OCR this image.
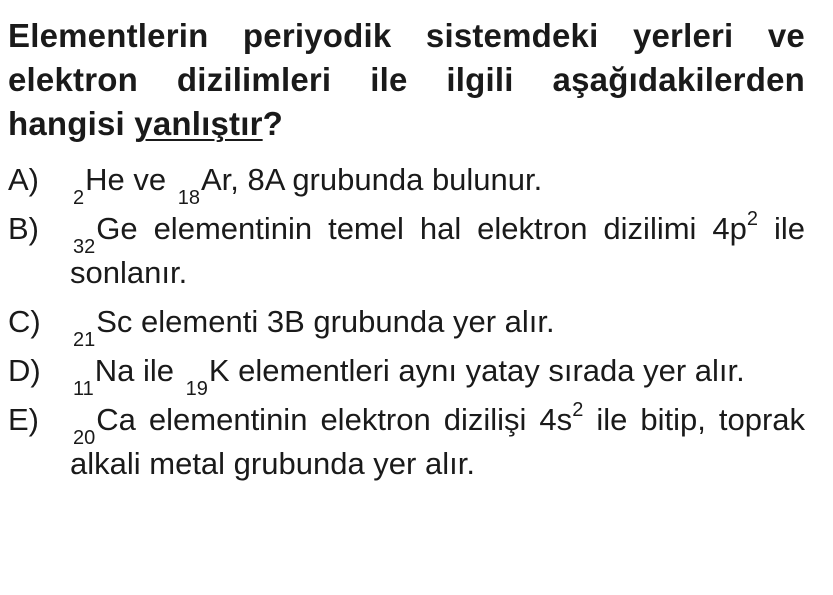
Elementlerin periyodik sistemdeki yerleri ve elektron dizilimleri ile ilgili aşağıdakilerden hangisi yanlıştır?

A)
$_2$He ve $_{18}$Ar, 8A grubunda bulunur.
B)
$_{32}$Ge elementinin temel hal elektron dizilimi $4p^2$ ile sonlanır.
C)
$_{21}$Sc elementi 3B grubunda yer alır.
D)
$_{11}$Na ile $_{19}$K elementleri aynı yatay sırada yer alır.
E)
$_{20}$Ca elementinin elektron dizilişi $4s^2$ ile bitip, toprak alkali metal grubunda yer alır.
